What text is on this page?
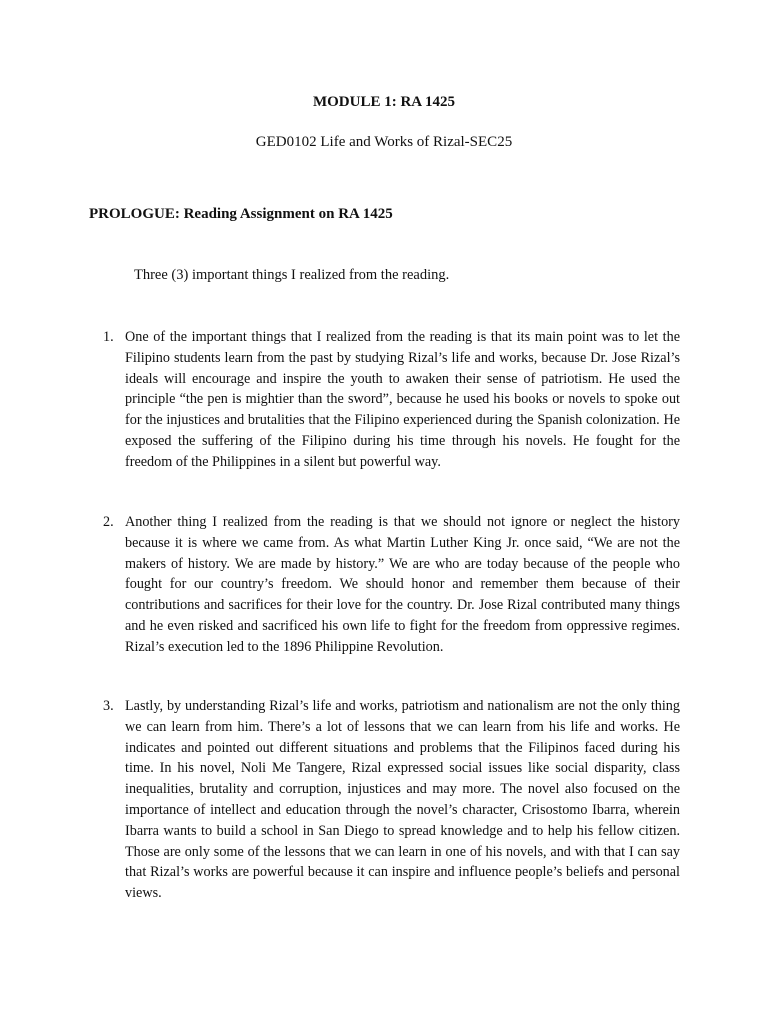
MODULE 1: RA 1425
GED0102 Life and Works of Rizal-SEC25
PROLOGUE: Reading Assignment on RA 1425
Three (3) important things I realized from the reading.
1. One of the important things that I realized from the reading is that its main point was to let the Filipino students learn from the past by studying Rizal’s life and works, because Dr. Jose Rizal’s ideals will encourage and inspire the youth to awaken their sense of patriotism. He used the principle “the pen is mightier than the sword”, because he used his books or novels to spoke out for the injustices and brutalities that the Filipino experienced during the Spanish colonization. He exposed the suffering of the Filipino during his time through his novels. He fought for the freedom of the Philippines in a silent but powerful way.
2. Another thing I realized from the reading is that we should not ignore or neglect the history because it is where we came from. As what Martin Luther King Jr. once said, “We are not the makers of history. We are made by history.” We are who are today because of the people who fought for our country’s freedom. We should honor and remember them because of their contributions and sacrifices for their love for the country. Dr. Jose Rizal contributed many things and he even risked and sacrificed his own life to fight for the freedom from oppressive regimes. Rizal’s execution led to the 1896 Philippine Revolution.
3. Lastly, by understanding Rizal’s life and works, patriotism and nationalism are not the only thing we can learn from him. There’s a lot of lessons that we can learn from his life and works. He indicates and pointed out different situations and problems that the Filipinos faced during his time. In his novel, Noli Me Tangere, Rizal expressed social issues like social disparity, class inequalities, brutality and corruption, injustices and may more. The novel also focused on the importance of intellect and education through the novel’s character, Crisostomo Ibarra, wherein Ibarra wants to build a school in San Diego to spread knowledge and to help his fellow citizen. Those are only some of the lessons that we can learn in one of his novels, and with that I can say that Rizal’s works are powerful because it can inspire and influence people’s beliefs and personal views.
